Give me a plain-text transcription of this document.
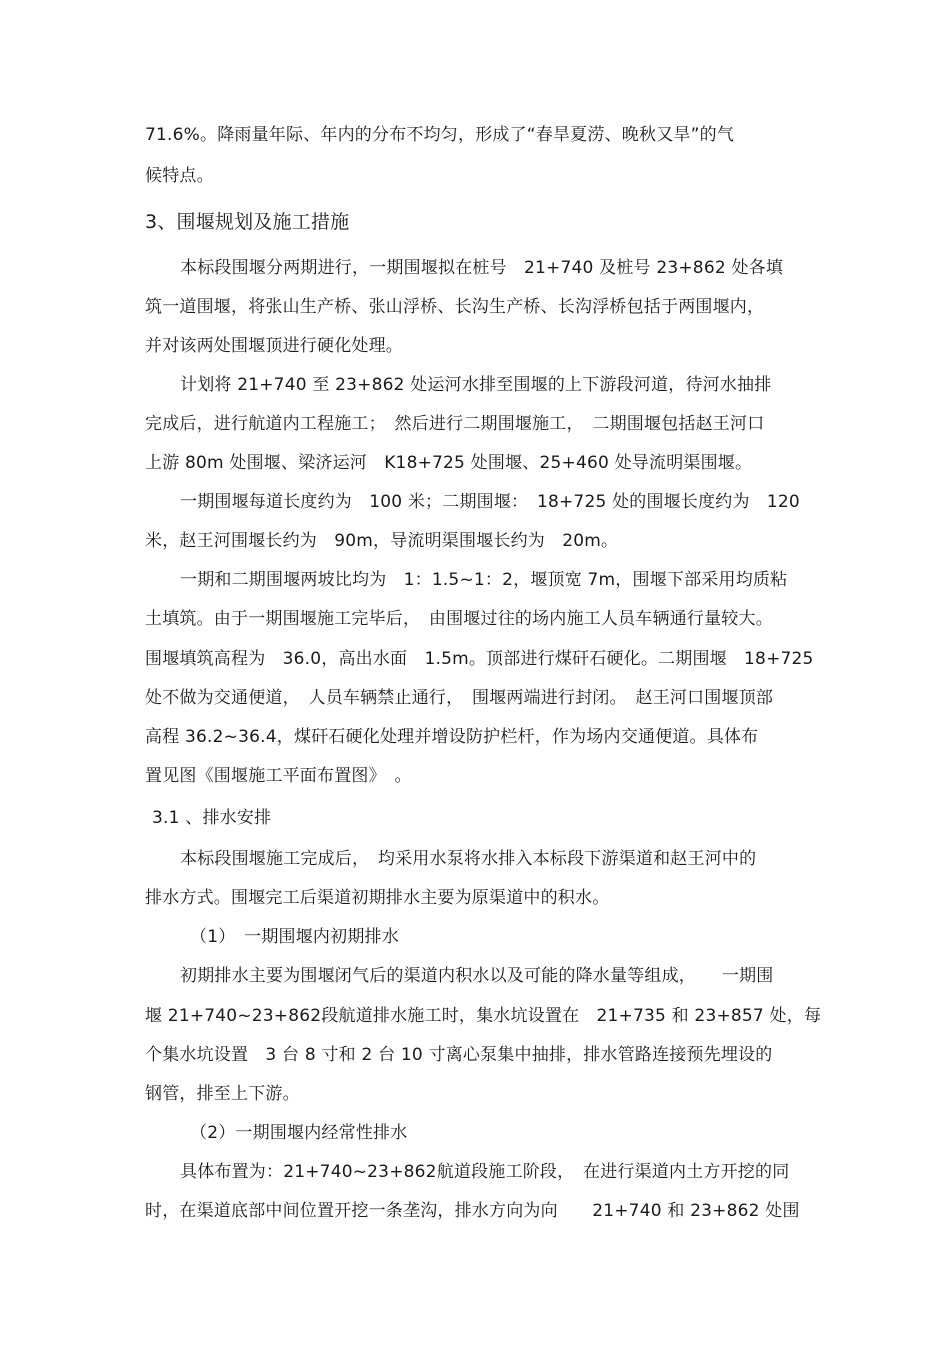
71.6%。降雨量年际、年内的分布不均匀，形成了“春旱夏涝、晚秋又旱”的气
候特点。
3、围堰规划及施工措施
本标段围堰分两期进行，一期围堰拟在桩号　21+740 及桩号 23+862 处各填
筑一道围堰，将张山生产桥、张山浮桥、长沟生产桥、长沟浮桥包括于两围堰内，
并对该两处围堰顶进行硬化处理。
计划将 21+740 至 23+862 处运河水排至围堰的上下游段河道，待河水抽排
完成后，进行航道内工程施工；　然后进行二期围堰施工，　二期围堰包括赵王河口
上游 80m 处围堰、梁济运河　K18+725 处围堰、25+460 处导流明渠围堰。
一期围堰每道长度约为　100 米；二期围堰：　18+725 处的围堰长度约为　120
米，赵王河围堰长约为　90m，导流明渠围堰长约为　20m。
一期和二期围堰两坡比均为　1：1.5~1：2，堰顶宽 7m，围堰下部采用均质粘
土填筑。由于一期围堰施工完毕后，　由围堰过往的场内施工人员车辆通行量较大。
围堰填筑高程为　36.0，高出水面　1.5m。顶部进行煤矸石硬化。二期围堰　18+725
处不做为交通便道，　人员车辆禁止通行，　围堰两端进行封闭。　赵王河口围堰顶部
高程 36.2~36.4，煤矸石硬化处理并增设防护栏杆，作为场内交通便道。具体布
置见图《围堰施工平面布置图》　。
3.1 、排水安排
本标段围堰施工完成后，　均采用水泵将水排入本标段下游渠道和赵王河中的
排水方式。围堰完工后渠道初期排水主要为原渠道中的积水。
（1）　一期围堰内初期排水
初期排水主要为围堰闭气后的渠道内积水以及可能的降水量等组成，　　一期围
堰 21+740~23+862段航道排水施工时，集水坑设置在　21+735 和 23+857 处，每
个集水坑设置　3 台 8 寸和 2 台 10 寸离心泵集中抽排，排水管路连接预先埋设的
钢管，排至上下游。
（2）一期围堰内经常性排水
具体布置为：21+740~23+862航道段施工阶段，　在进行渠道内土方开挖的同
时，在渠道底部中间位置开挖一条垄沟，排水方向为向　　21+740 和 23+862 处围
